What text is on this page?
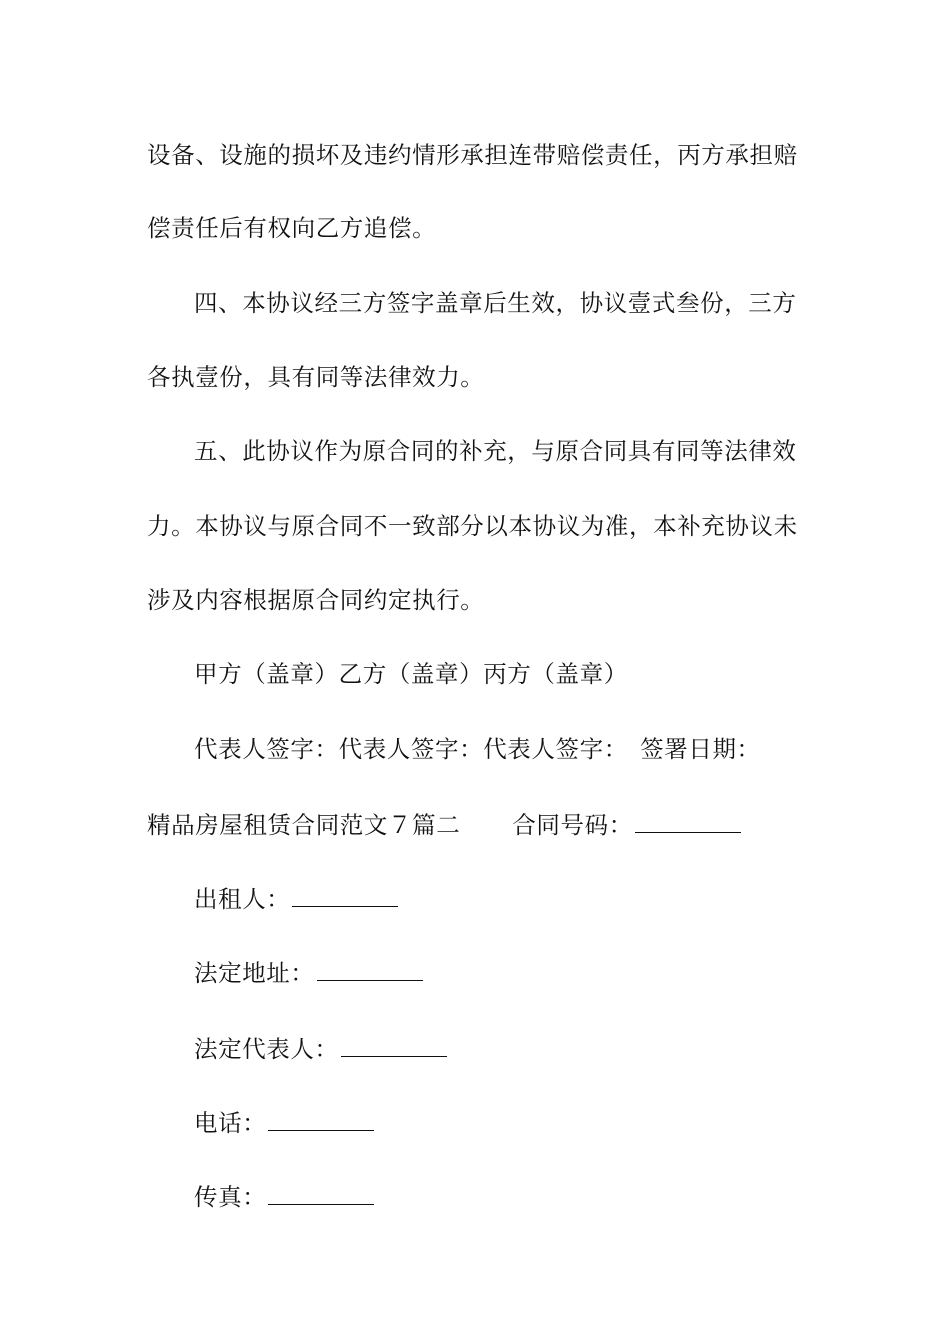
设备、设施的损坏及违约情形承担连带赔偿责任，丙方承担赔
偿责任后有权向乙方追偿。
四、本协议经三方签字盖章后生效，协议壹式叁份，三方
各执壹份，具有同等法律效力。
五、此协议作为原合同的补充，与原合同具有同等法律效
力。本协议与原合同不一致部分以本协议为准，本补充协议未
涉及内容根据原合同约定执行。
甲方（盖章）乙方（盖章）丙方（盖章）
代表人签字：代表人签字：代表人签字：　签署日期：
精品房屋租赁合同范文７篇二 合同号码：
出租人：
法定地址：
法定代表人：
电话：
传真：
